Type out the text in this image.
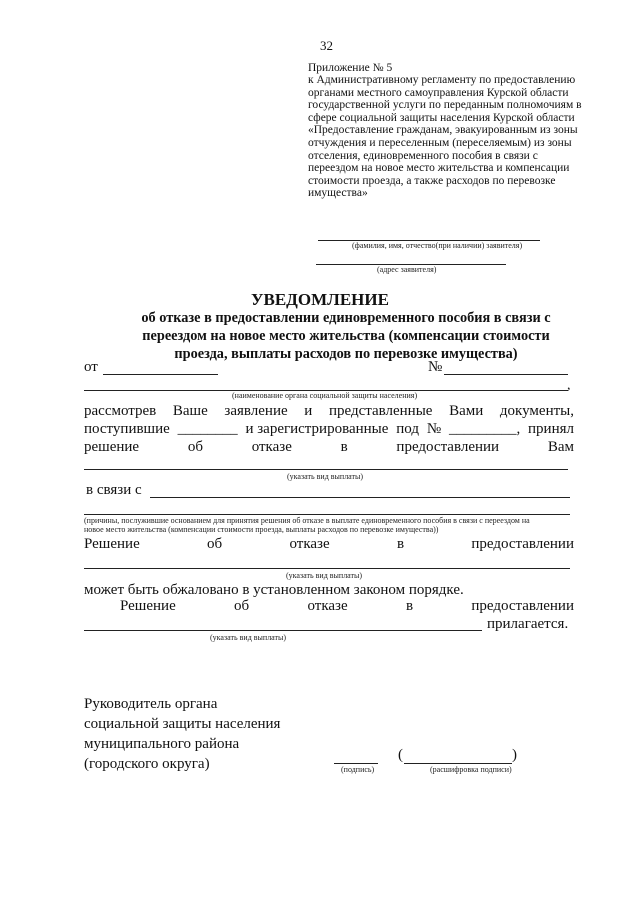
32
Приложение № 5
к Административному регламенту по предоставлению
органами местного самоуправления Курской области
государственной услуги по переданным полномочиям в
сфере социальной защиты населения Курской области
«Предоставление гражданам, эвакуированным из зоны
отчуждения и переселенным (переселяемым) из зоны
отселения, единовременного пособия в связи с
переездом на новое место жительства и компенсации
стоимости проезда, а также расходов по перевозке
имущества»
(фамилия, имя, отчество(при наличии) заявителя)
(адрес заявителя)
УВЕДОМЛЕНИЕ
об отказе в предоставлении единовременного пособия в связи с
переездом на новое место жительства (компенсации стоимости
проезда, выплаты расходов по перевозке имущества)
от	№
,
(наименование органа социальной защиты населения)
рассмотрев Ваше заявление и представленные Вами документы,
поступившие ________ и зарегистрированные под № _________, принял
решение	об	отказе	в	предоставлении	Вам
(указать вид выплаты)
в связи с
(причины, послужившие основанием для принятия решения об отказе в выплате единовременного пособия в связи с переездом на
новое место жительства (компенсации стоимости проезда, выплаты расходов по перевозке имущества))
Решение	об	отказе	в	предоставлении
(указать вид выплаты)
может быть обжаловано в установленном законом порядке.
Решение	об	отказе	в	предоставлении
прилагается.
(указать вид выплаты)
Руководитель органа
социальной защиты населения
муниципального района
(городского округа)	(подпись)
(	)
(расшифровка подписи)
